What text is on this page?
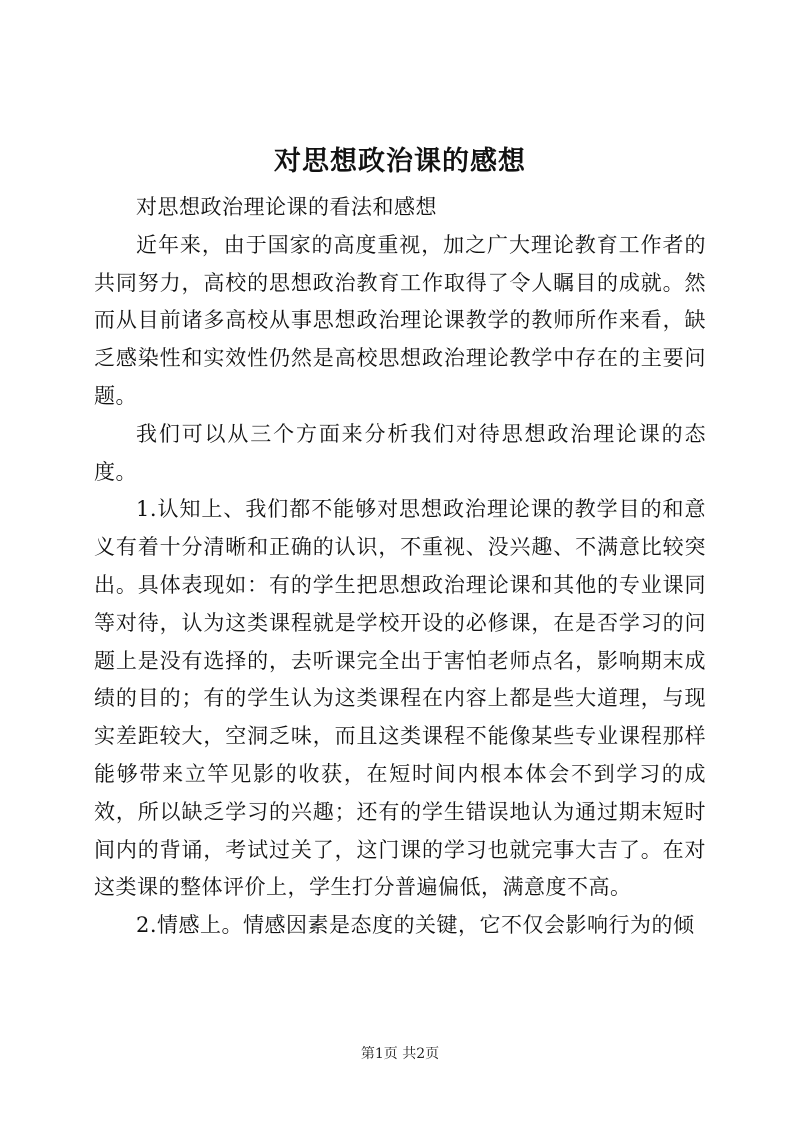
对思想政治课的感想

对思想政治理论课的看法和感想

近年来，由于国家的高度重视，加之广大理论教育工作者的共同努力，高校的思想政治教育工作取得了令人瞩目的成就。然而从目前诸多高校从事思想政治理论课教学的教师所作来看，缺乏感染性和实效性仍然是高校思想政治理论教学中存在的主要问题。

我们可以从三个方面来分析我们对待思想政治理论课的态度。

1.认知上、我们都不能够对思想政治理论课的教学目的和意义有着十分清晰和正确的认识，不重视、没兴趣、不满意比较突出。具体表现如：有的学生把思想政治理论课和其他的专业课同等对待，认为这类课程就是学校开设的必修课，在是否学习的问题上是没有选择的，去听课完全出于害怕老师点名，影响期末成绩的目的；有的学生认为这类课程在内容上都是些大道理，与现实差距较大，空洞乏味，而且这类课程不能像某些专业课程那样能够带来立竿见影的收获，在短时间内根本体会不到学习的成效，所以缺乏学习的兴趣；还有的学生错误地认为通过期末短时间内的背诵，考试过关了，这门课的学习也就完事大吉了。在对这类课的整体评价上，学生打分普遍偏低，满意度不高。

2.情感上。情感因素是态度的关键，它不仅会影响行为的倾

第1页 共2页
